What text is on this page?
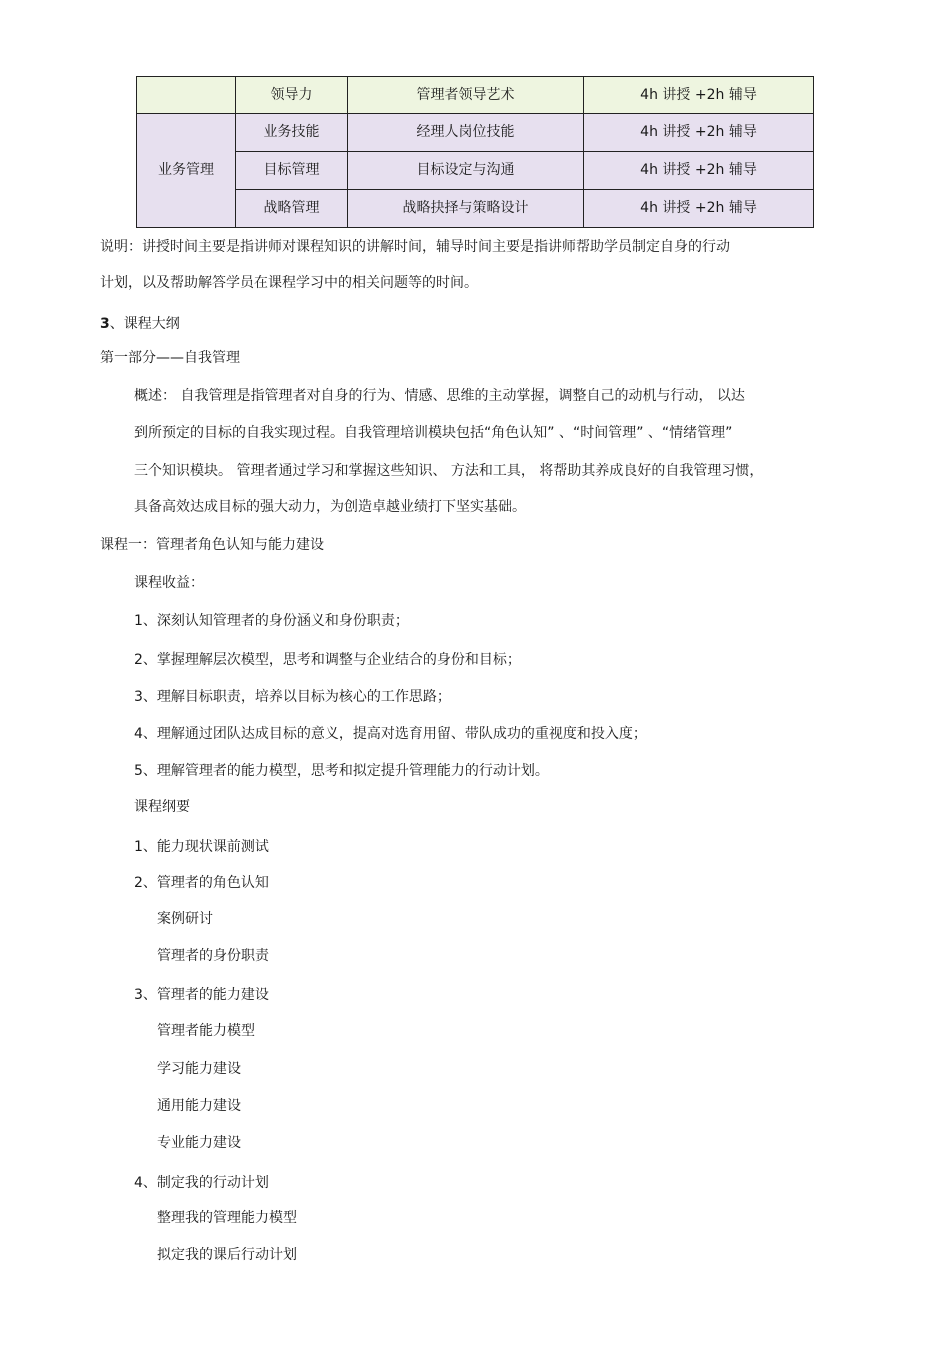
	领导力	管理者领导艺术	4h 讲授 +2h 辅导
业务管理	业务技能	经理人岗位技能	4h 讲授 +2h 辅导
	目标管理	目标设定与沟通	4h 讲授 +2h 辅导
	战略管理	战略抉择与策略设计	4h 讲授 +2h 辅导
说明：讲授时间主要是指讲师对课程知识的讲解时间，辅导时间主要是指讲师帮助学员制定自身的行动
计划，以及帮助解答学员在课程学习中的相关问题等的时间。
3、课程大纲
第一部分——自我管理
概述： 自我管理是指管理者对自身的行为、情感、思维的主动掌握，调整自己的动机与行动， 以达
到所预定的目标的自我实现过程。自我管理培训模块包括“角色认知” 、“时间管理” 、“情绪管理”
三个知识模块。 管理者通过学习和掌握这些知识、 方法和工具， 将帮助其养成良好的自我管理习惯，
具备高效达成目标的强大动力，为创造卓越业绩打下坚实基础。
课程一：管理者角色认知与能力建设
课程收益：
1、深刻认知管理者的身份涵义和身份职责；
2、掌握理解层次模型，思考和调整与企业结合的身份和目标；
3、理解目标职责，培养以目标为核心的工作思路；
4、理解通过团队达成目标的意义，提高对选育用留、带队成功的重视度和投入度；
5、理解管理者的能力模型，思考和拟定提升管理能力的行动计划。
课程纲要
1、能力现状课前测试
2、管理者的角色认知
案例研讨
管理者的身份职责
3、管理者的能力建设
管理者能力模型
学习能力建设
通用能力建设
专业能力建设
4、制定我的行动计划
整理我的管理能力模型
拟定我的课后行动计划
